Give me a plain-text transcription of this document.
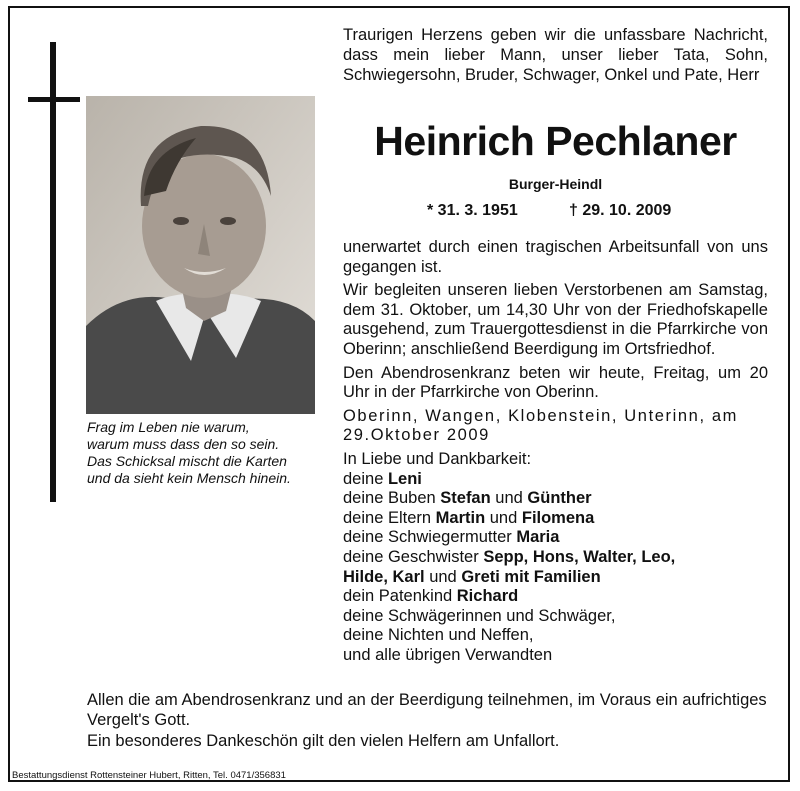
Frag im Leben nie warum,
warum muss dass den so sein.
Das Schicksal mischt die Karten
und da sieht kein Mensch hinein.
Traurigen Herzens geben wir die unfassbare Nachricht, dass mein lieber Mann, unser lieber Tata, Sohn, Schwiegersohn, Bruder, Schwager, Onkel und Pate, Herr
Heinrich Pechlaner
Burger-Heindl
* 31. 3. 1951	† 29. 10. 2009

unerwartet durch einen tragischen Arbeitsunfall von uns gegangen ist.

Wir begleiten unseren lieben Verstorbenen am Samstag, dem 31. Oktober, um 14,30 Uhr von der Friedhofskapelle ausgehend, zum Trauergottesdienst in die Pfarrkirche von Oberinn; anschließend Beerdigung im Ortsfriedhof.

Den Abendrosenkranz beten wir heute, Freitag, um 20 Uhr in der Pfarrkirche von Oberinn.

Oberinn, Wangen, Klobenstein, Unterinn, am 29.Oktober 2009

In Liebe und Dankbarkeit:
deine Leni
deine Buben Stefan und Günther
deine Eltern Martin und Filomena
deine Schwiegermutter Maria
deine Geschwister Sepp, Hons, Walter, Leo,
Hilde, Karl und Greti mit Familien
dein Patenkind Richard
deine Schwägerinnen und Schwäger,
deine Nichten und Neffen,
und alle übrigen Verwandten

Allen die am Abendrosenkranz und an der Beerdigung teilnehmen, im Voraus ein aufrichtiges Vergelt's Gott.

Ein besonderes Dankeschön gilt den vielen Helfern am Unfallort.

Bestattungsdienst Rottensteiner Hubert, Ritten, Tel. 0471/356831
